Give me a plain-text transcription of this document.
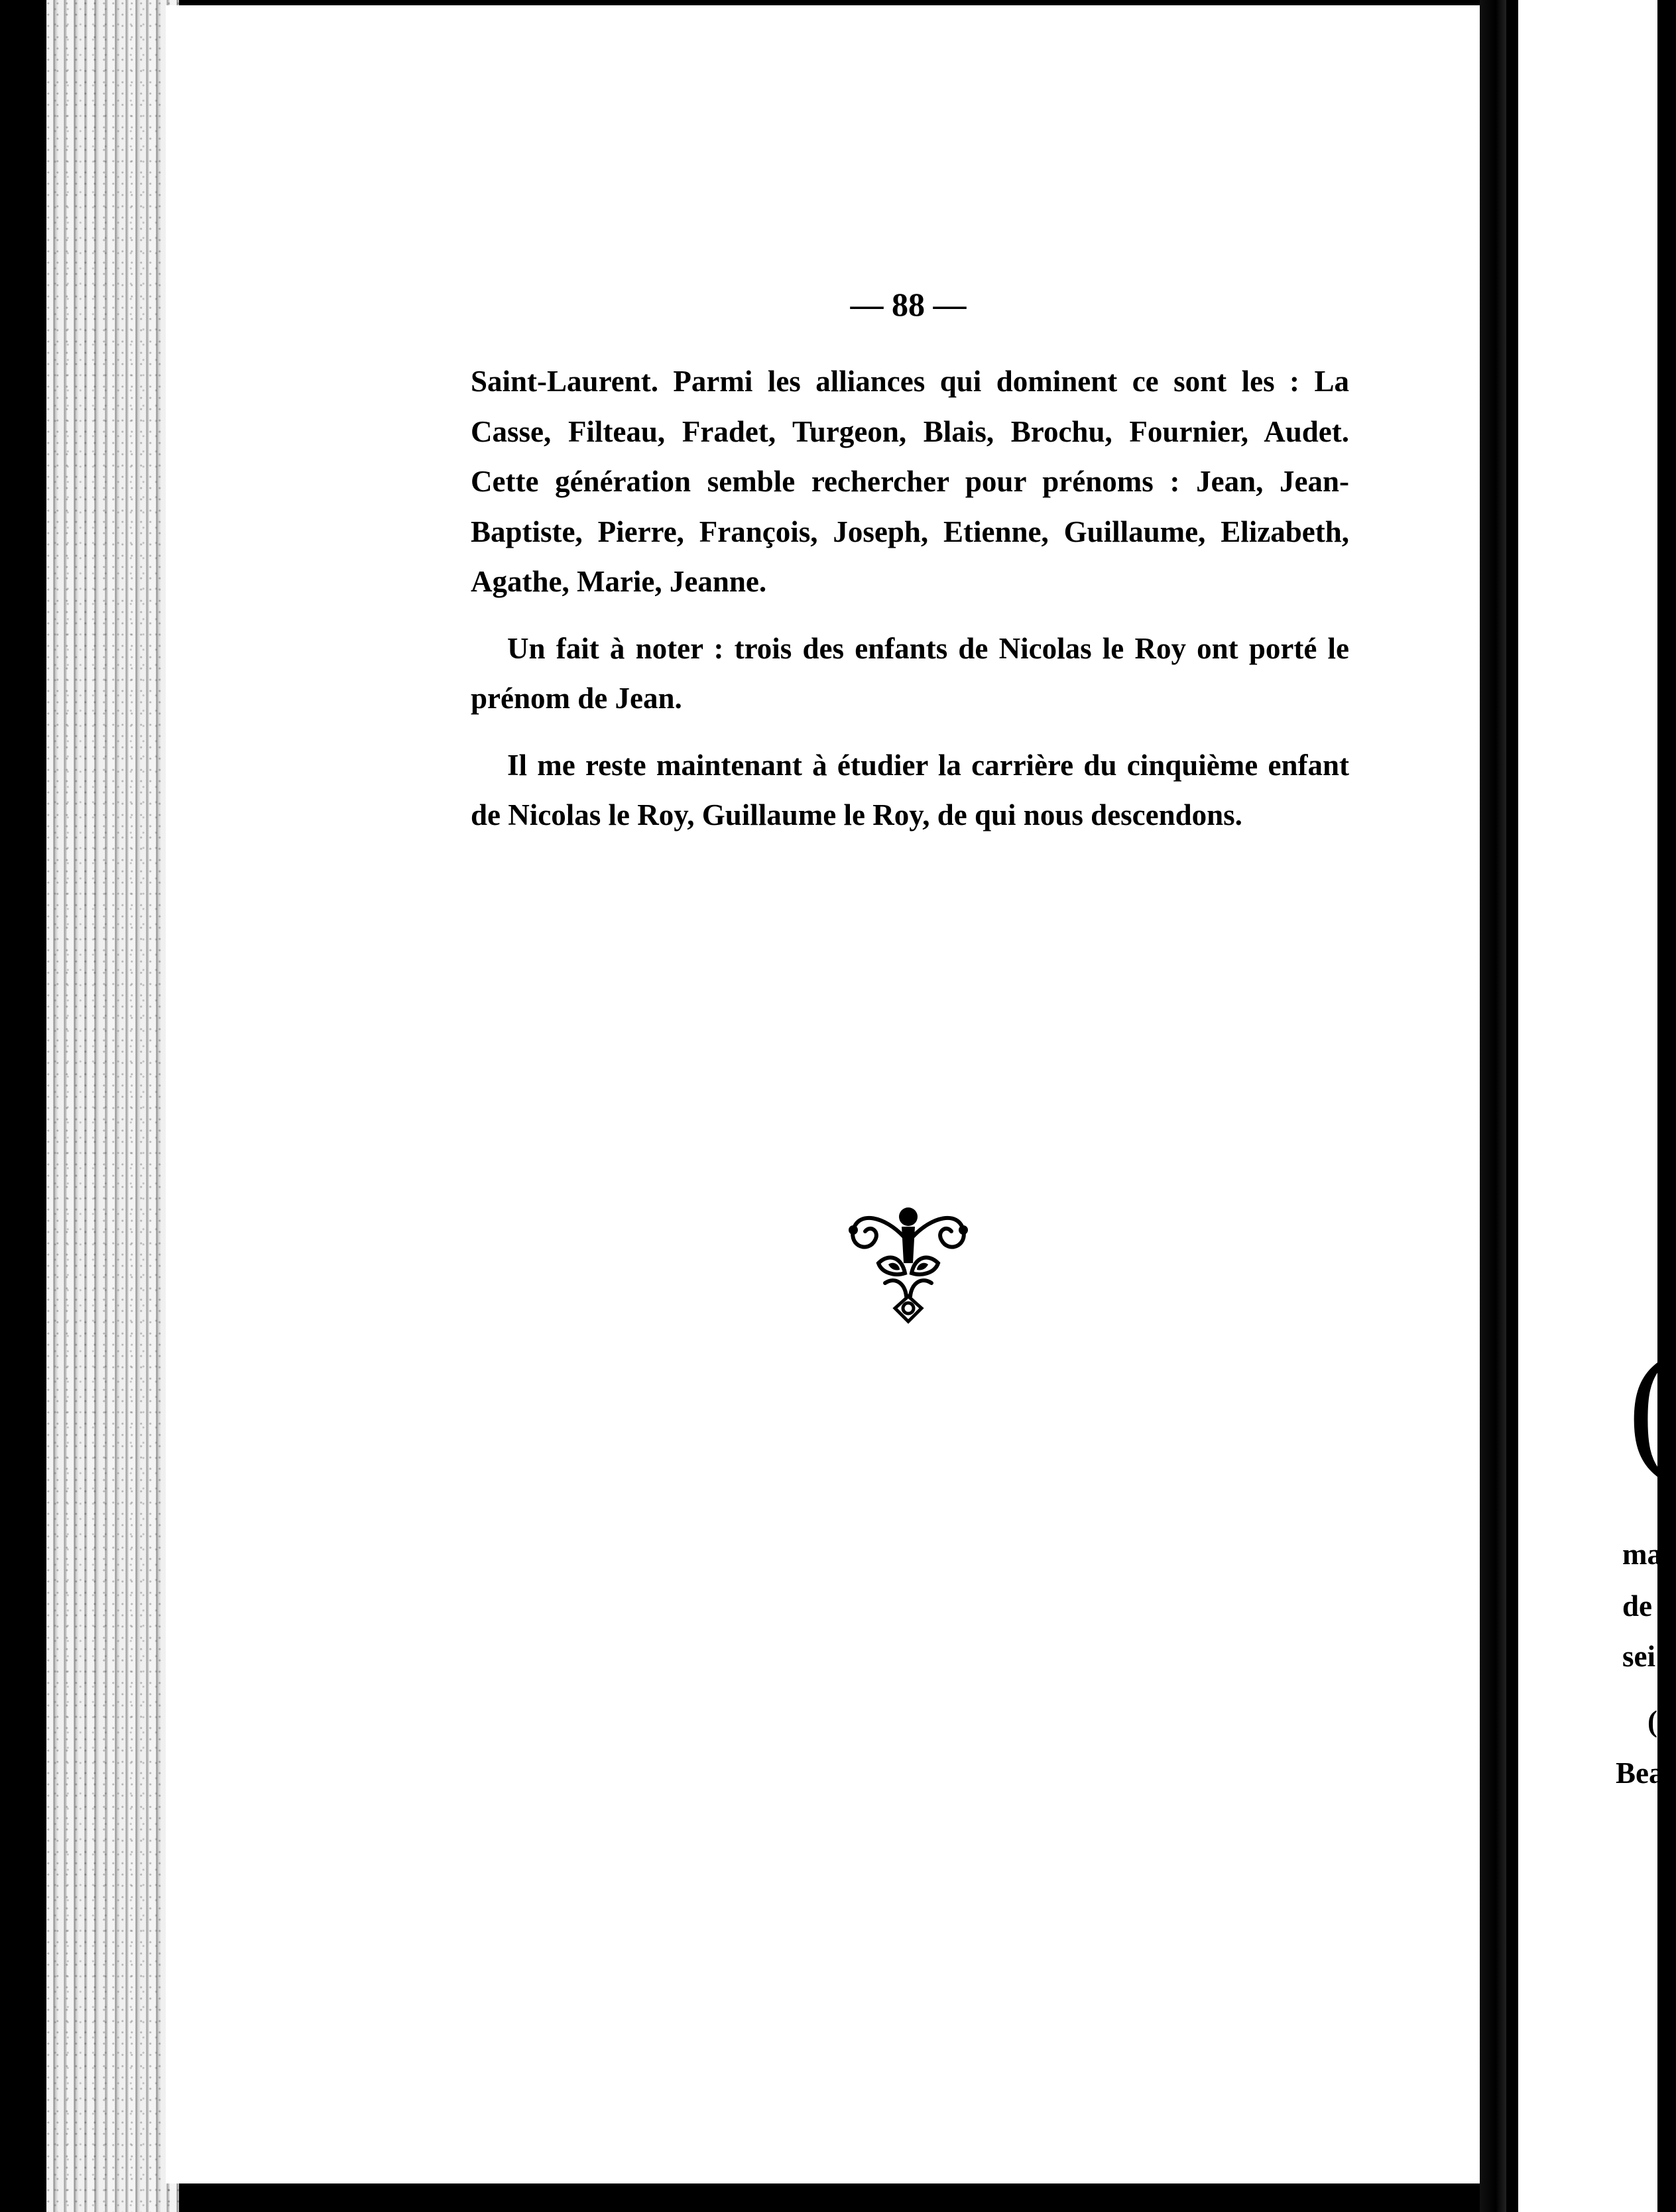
— 88 —

Saint-Laurent. Parmi les alliances qui dominent ce sont les : La Casse, Filteau, Fradet, Turgeon, Blais, Brochu, Fournier, Audet. Cette génération semble rechercher pour prénoms : Jean, Jean-Baptiste, Pierre, François, Joseph, Etienne, Guillaume, Elizabeth, Agathe, Marie, Jeanne.

Un fait à noter : trois des enfants de Nicolas le Roy ont porté le prénom de Jean.

Il me reste maintenant à étudier la carrière du cinquième enfant de Nicolas le Roy, Guillaume le Roy, de qui nous descendons.

(
ma
de
sei
(
Bea
